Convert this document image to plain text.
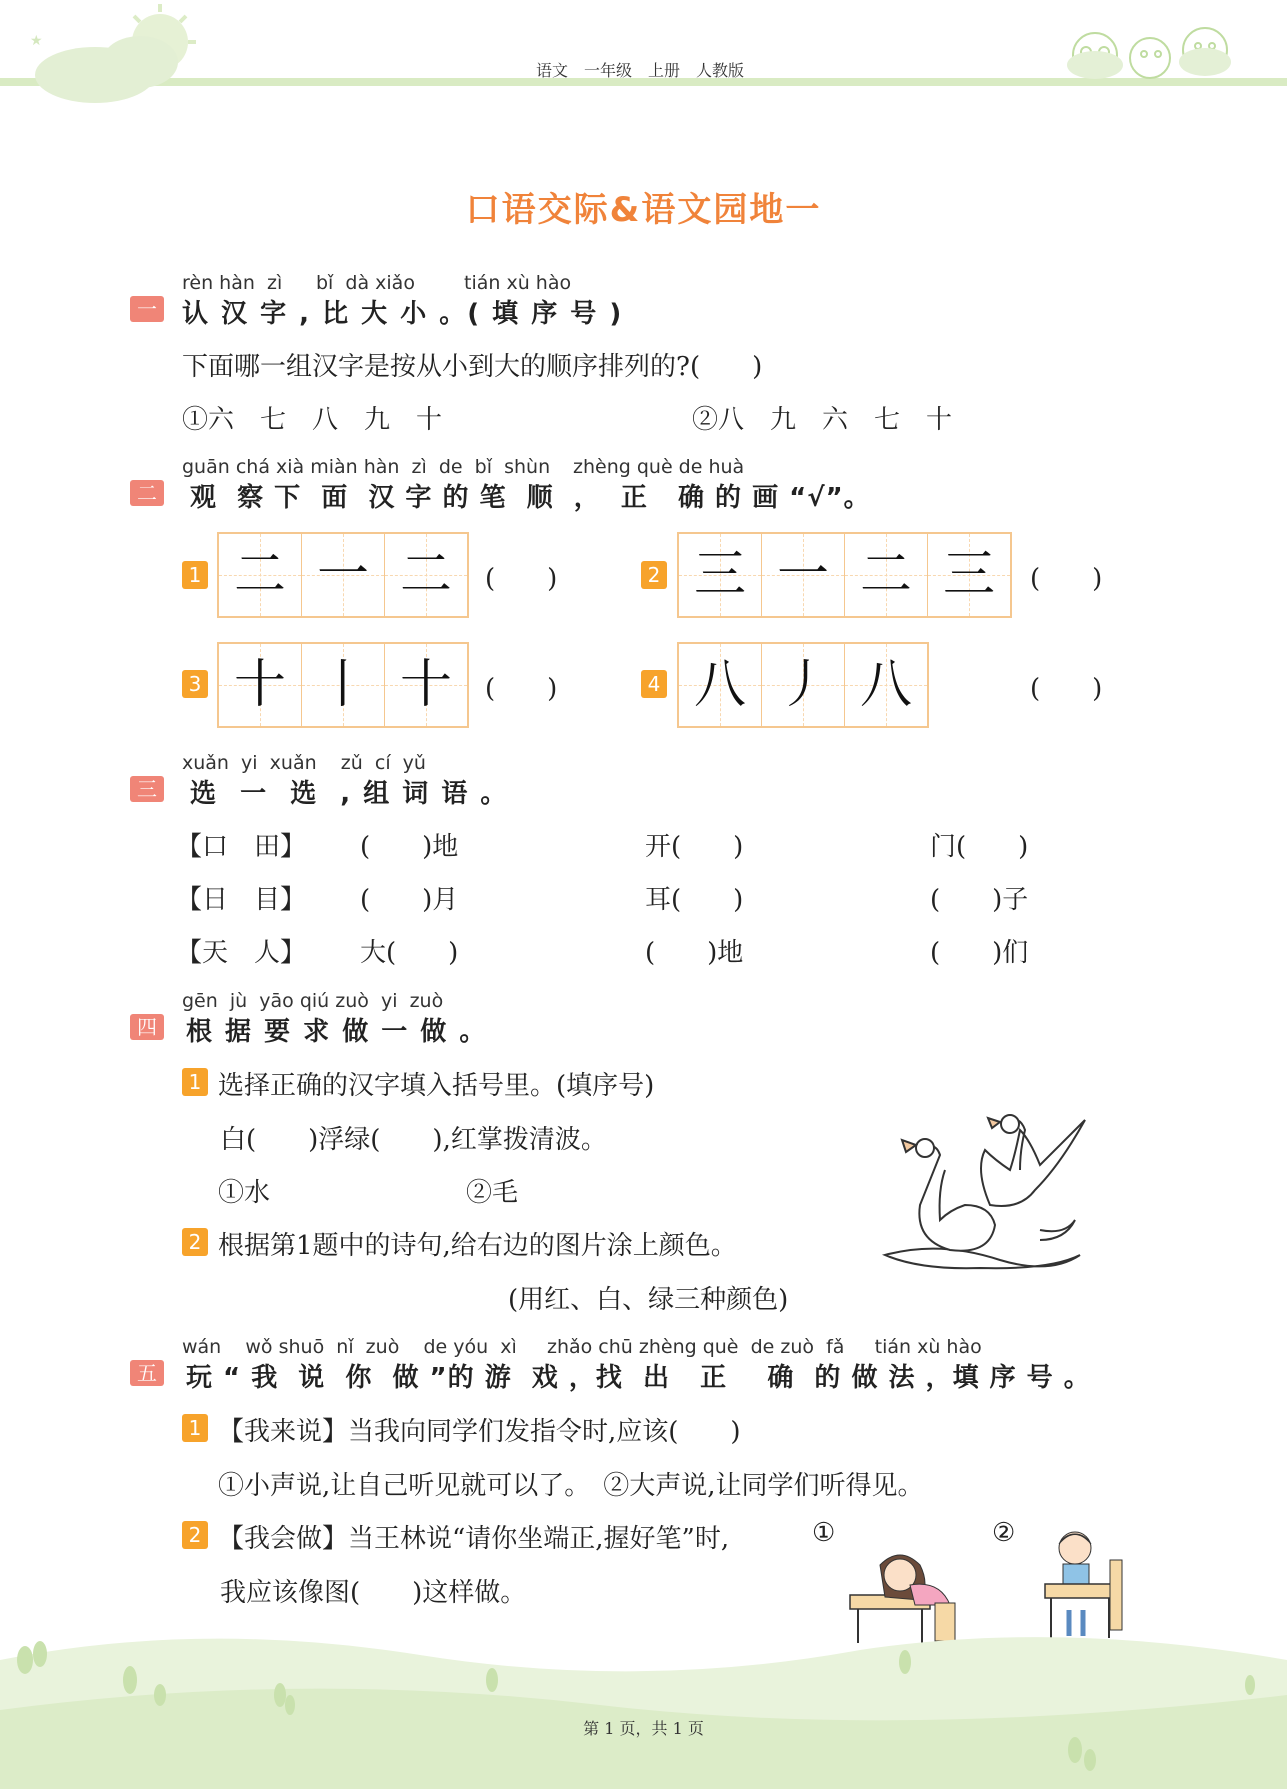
★
语文　一年级　上册　人教版
口语交际&语文园地一
rèn hàn  zì bǐ  dà xiǎo	tián xù hào
一 认 汉 字 , 比 大 小 。( 填 序 号 )
下面哪一组汉字是按从小到大的顺序排列的?(　　)
①六　七　八　九　十	②八　九　六　七　十
guān chá xià miàn hàn  zì  de  bǐ  shùn zhèng què de huà
二 观  察 下  面  汉 字 的 笔  顺  ，  正   确 的 画 “√”。
1 二 一 二	(　　)	2 三 一 二 三	(　　)
3 十 丨 十	(　　)	4 八 丿 八	(　　)
xuǎn  yi  xuǎn    zǔ  cí  yǔ
三 选  一  选  , 组 词 语 。
【口　田】 (　　)地	开(　　)	门(　　)
【日　目】 (　　)月	耳(　　)	(　　)子
【天　人】 大(　　)	(　　)地	(　　)们
gēn  jù  yāo qiú zuò  yi  zuò
四 根 据 要 求 做 一 做 。
1 选择正确的汉字填入括号里。(填序号)
白(　　)浮绿(　　),红掌拨清波。
①水	②毛
2 根据第1题中的诗句,给右边的图片涂上颜色。
(用红、白、绿三种颜色)
wán    wǒ shuō  nǐ  zuò    de yóu  xì     zhǎo chū zhèng què  de zuò  fǎ     tián xù hào
五 玩 “ 我  说  你  做 ”的 游  戏 ，找  出   正    确  的 做 法 ，填 序 号 。
1 【我来说】当我向同学们发指令时,应该(　　)
①小声说,让自己听见就可以了。　②大声说,让同学们听得见。
2 【我会做】当王林说“请你坐端正,握好笔”时,
我应该像图(　　)这样做。
①	②
第 1 页，共 1 页
